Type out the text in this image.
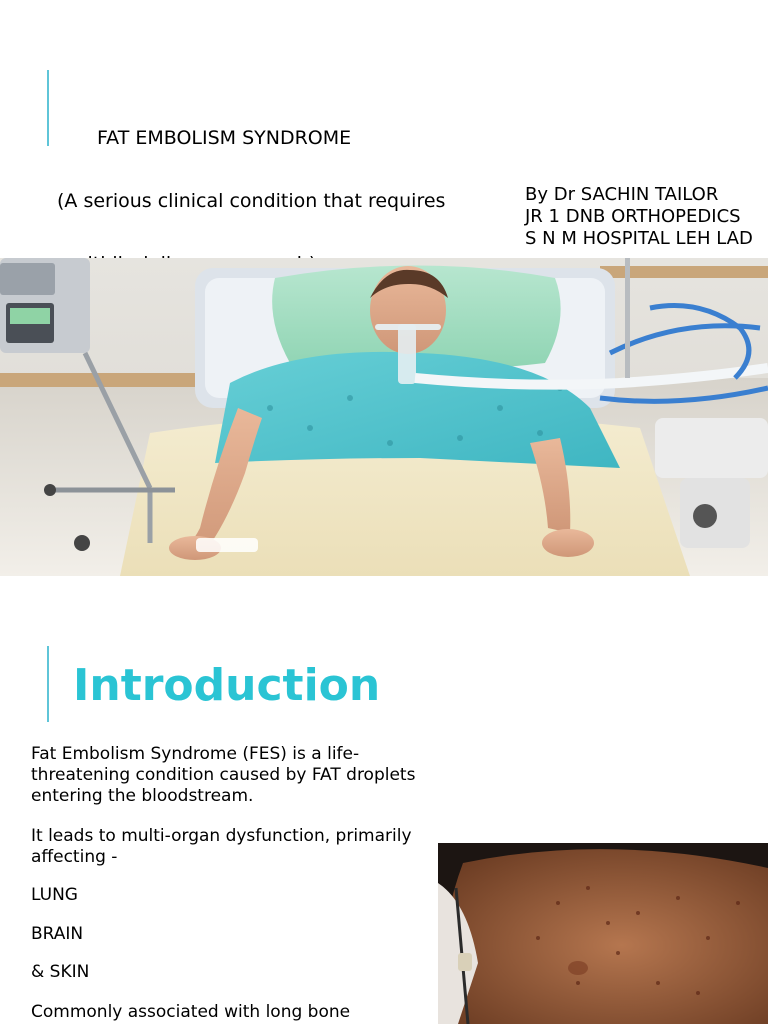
FAT EMBOLISM SYNDROME

(A serious clinical condition that requires

	By Dr SACHIN TAILOR
JR 1 DNB ORTHOPEDICS
S N M HOSPITAL LEH LAD
Introduction
Fat Embolism Syndrome (FES) is a life-threatening condition caused by FAT droplets entering the bloodstream.
It leads to multi-organ dysfunction, primarily affecting -
LUNG
BRAIN
& SKIN
Commonly associated with long bone
